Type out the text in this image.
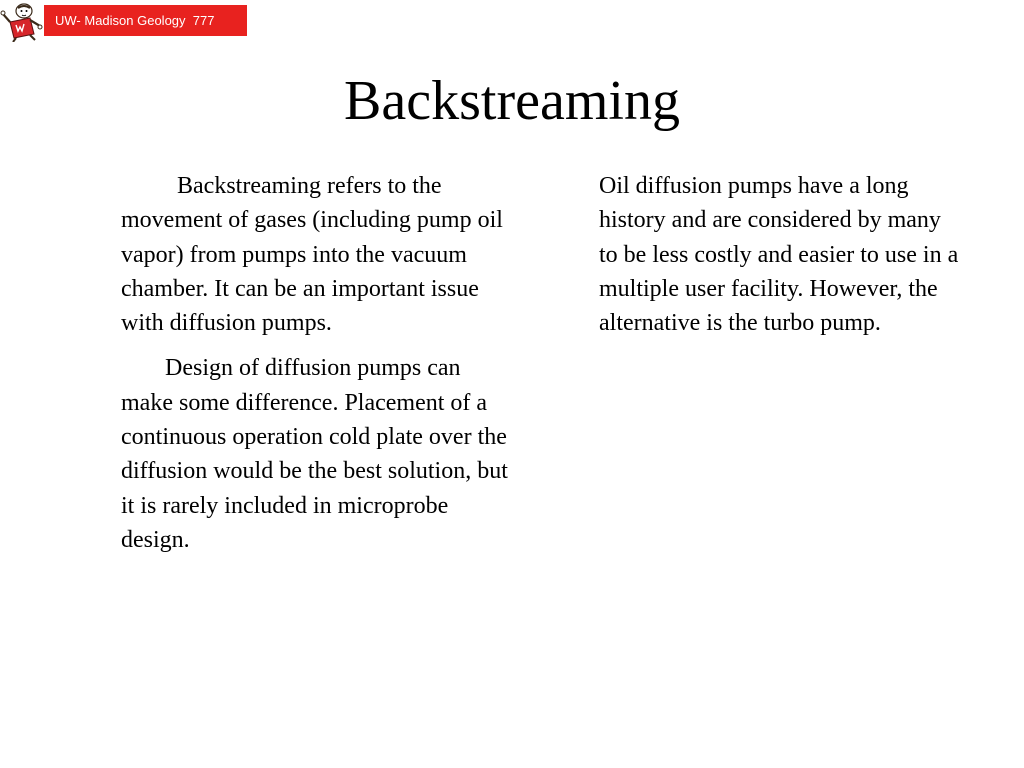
UW- Madison Geology  777
Backstreaming

Backstreaming refers to the movement of gases (including pump oil vapor) from pumps into the vacuum chamber. It can be an important issue with diffusion pumps.

Design of diffusion pumps can make some difference. Placement of a continuous operation cold plate over the diffusion would be the best solution, but it is rarely included in microprobe design.

Oil diffusion pumps have a long history and are considered by many to be less costly and easier to use in a multiple user facility. However, the alternative is the turbo pump.
